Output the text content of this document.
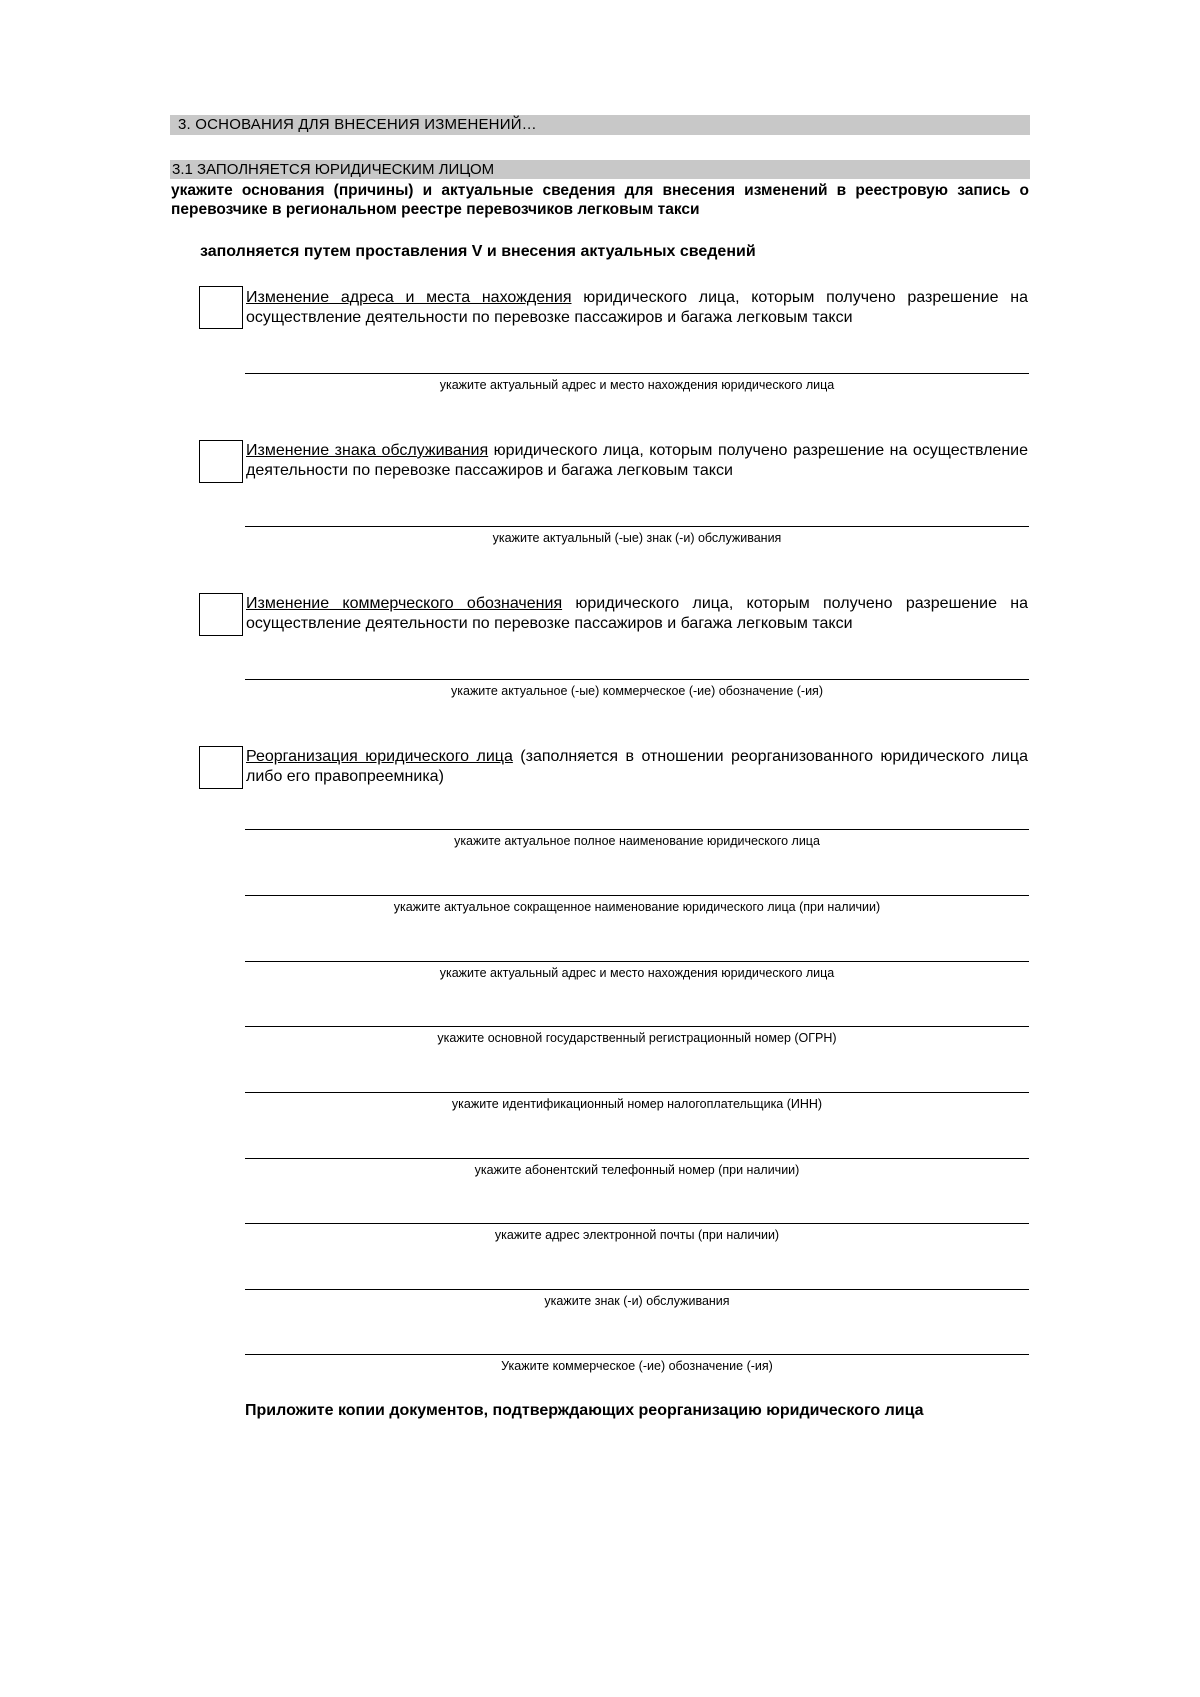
3. ОСНОВАНИЯ ДЛЯ ВНЕСЕНИЯ ИЗМЕНЕНИЙ…
3.1 ЗАПОЛНЯЕТСЯ ЮРИДИЧЕСКИМ ЛИЦОМ
укажите основания (причины) и актуальные сведения для внесения изменений в реестровую запись о перевозчике в региональном реестре перевозчиков легковым такси
заполняется путем проставления V и внесения актуальных сведений
Изменение адреса и места нахождения юридического лица, которым получено разрешение на осуществление деятельности по перевозке пассажиров и багажа легковым такси
укажите актуальный адрес и место нахождения юридического лица
Изменение знака обслуживания юридического лица, которым получено разрешение на осуществление деятельности по перевозке пассажиров и багажа легковым такси
укажите актуальный (-ые) знак (-и) обслуживания
Изменение коммерческого обозначения юридического лица, которым получено разрешение на осуществление деятельности по перевозке пассажиров и багажа легковым такси
укажите актуальное (-ые) коммерческое (-ие) обозначение (-ия)
Реорганизация юридического лица (заполняется в отношении реорганизованного юридического лица либо его правопреемника)
укажите актуальное полное наименование юридического лица
укажите актуальное сокращенное наименование юридического лица (при наличии)
укажите актуальный адрес и место нахождения юридического лица
укажите основной государственный регистрационный номер (ОГРН)
укажите идентификационный номер налогоплательщика (ИНН)
укажите абонентский телефонный номер (при наличии)
укажите адрес электронной почты (при наличии)
укажите знак (-и) обслуживания
Укажите коммерческое (-ие) обозначение (-ия)
Приложите копии документов, подтверждающих реорганизацию юридического лица
